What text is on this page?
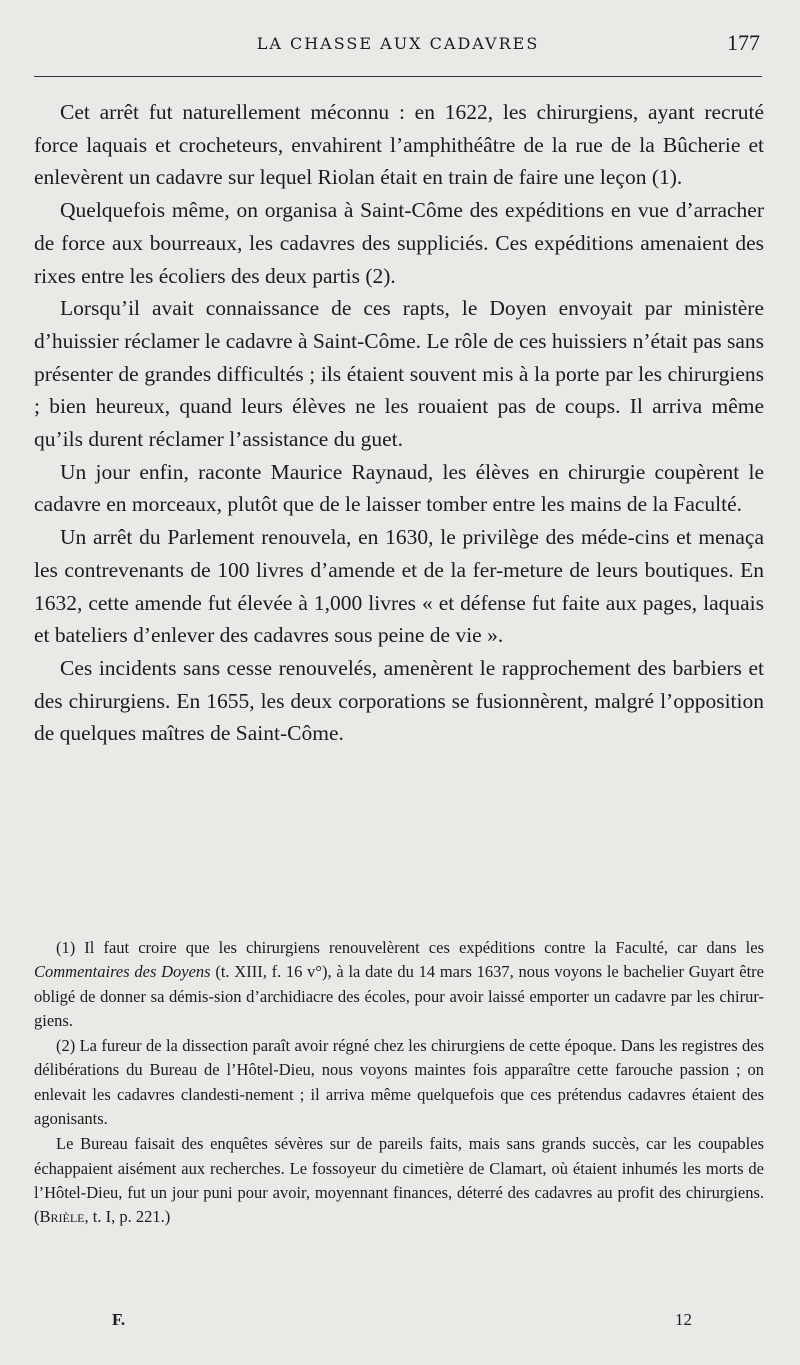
LA CHASSE AUX CADAVRES	177

Cet arrêt fut naturellement méconnu : en 1622, les chirurgiens, ayant recruté force laquais et crocheteurs, envahirent l’amphithéâtre de la rue de la Bûcherie et enlevèrent un cadavre sur lequel Riolan était en train de faire une leçon (1).

Quelquefois même, on organisa à Saint-Côme des expéditions en vue d’arracher de force aux bourreaux, les cadavres des suppliciés. Ces expéditions amenaient des rixes entre les écoliers des deux partis (2).

Lorsqu’il avait connaissance de ces rapts, le Doyen envoyait par ministère d’huissier réclamer le cadavre à Saint-Côme. Le rôle de ces huissiers n’était pas sans présenter de grandes difficultés ; ils étaient souvent mis à la porte par les chirurgiens ; bien heureux, quand leurs élèves ne les rouaient pas de coups. Il arriva même qu’ils durent réclamer l’assistance du guet.

Un jour enfin, raconte Maurice Raynaud, les élèves en chirurgie coupèrent le cadavre en morceaux, plutôt que de le laisser tomber entre les mains de la Faculté.

Un arrêt du Parlement renouvela, en 1630, le privilège des méde-cins et menaça les contrevenants de 100 livres d’amende et de la fer-meture de leurs boutiques. En 1632, cette amende fut élevée à 1,000 livres « et défense fut faite aux pages, laquais et bateliers d’enlever des cadavres sous peine de vie ».

Ces incidents sans cesse renouvelés, amenèrent le rapprochement des barbiers et des chirurgiens. En 1655, les deux corporations se fusionnèrent, malgré l’opposition de quelques maîtres de Saint-Côme.

(1) Il faut croire que les chirurgiens renouvelèrent ces expéditions contre la Faculté, car dans les Commentaires des Doyens (t. XIII, f. 16 v°), à la date du 14 mars 1637, nous voyons le bachelier Guyart être obligé de donner sa démis-sion d’archidiacre des écoles, pour avoir laissé emporter un cadavre par les chirur-giens.

(2) La fureur de la dissection paraît avoir régné chez les chirurgiens de cette époque. Dans les registres des délibérations du Bureau de l’Hôtel-Dieu, nous voyons maintes fois apparaître cette farouche passion ; on enlevait les cadavres clandesti-nement ; il arriva même quelquefois que ces prétendus cadavres étaient des agonisants.

Le Bureau faisait des enquêtes sévères sur de pareils faits, mais sans grands succès, car les coupables échappaient aisément aux recherches. Le fossoyeur du cimetière de Clamart, où étaient inhumés les morts de l’Hôtel-Dieu, fut un jour puni pour avoir, moyennant finances, déterré des cadavres au profit des chirurgiens. (Brièle, t. I, p. 221.)

F.	12
